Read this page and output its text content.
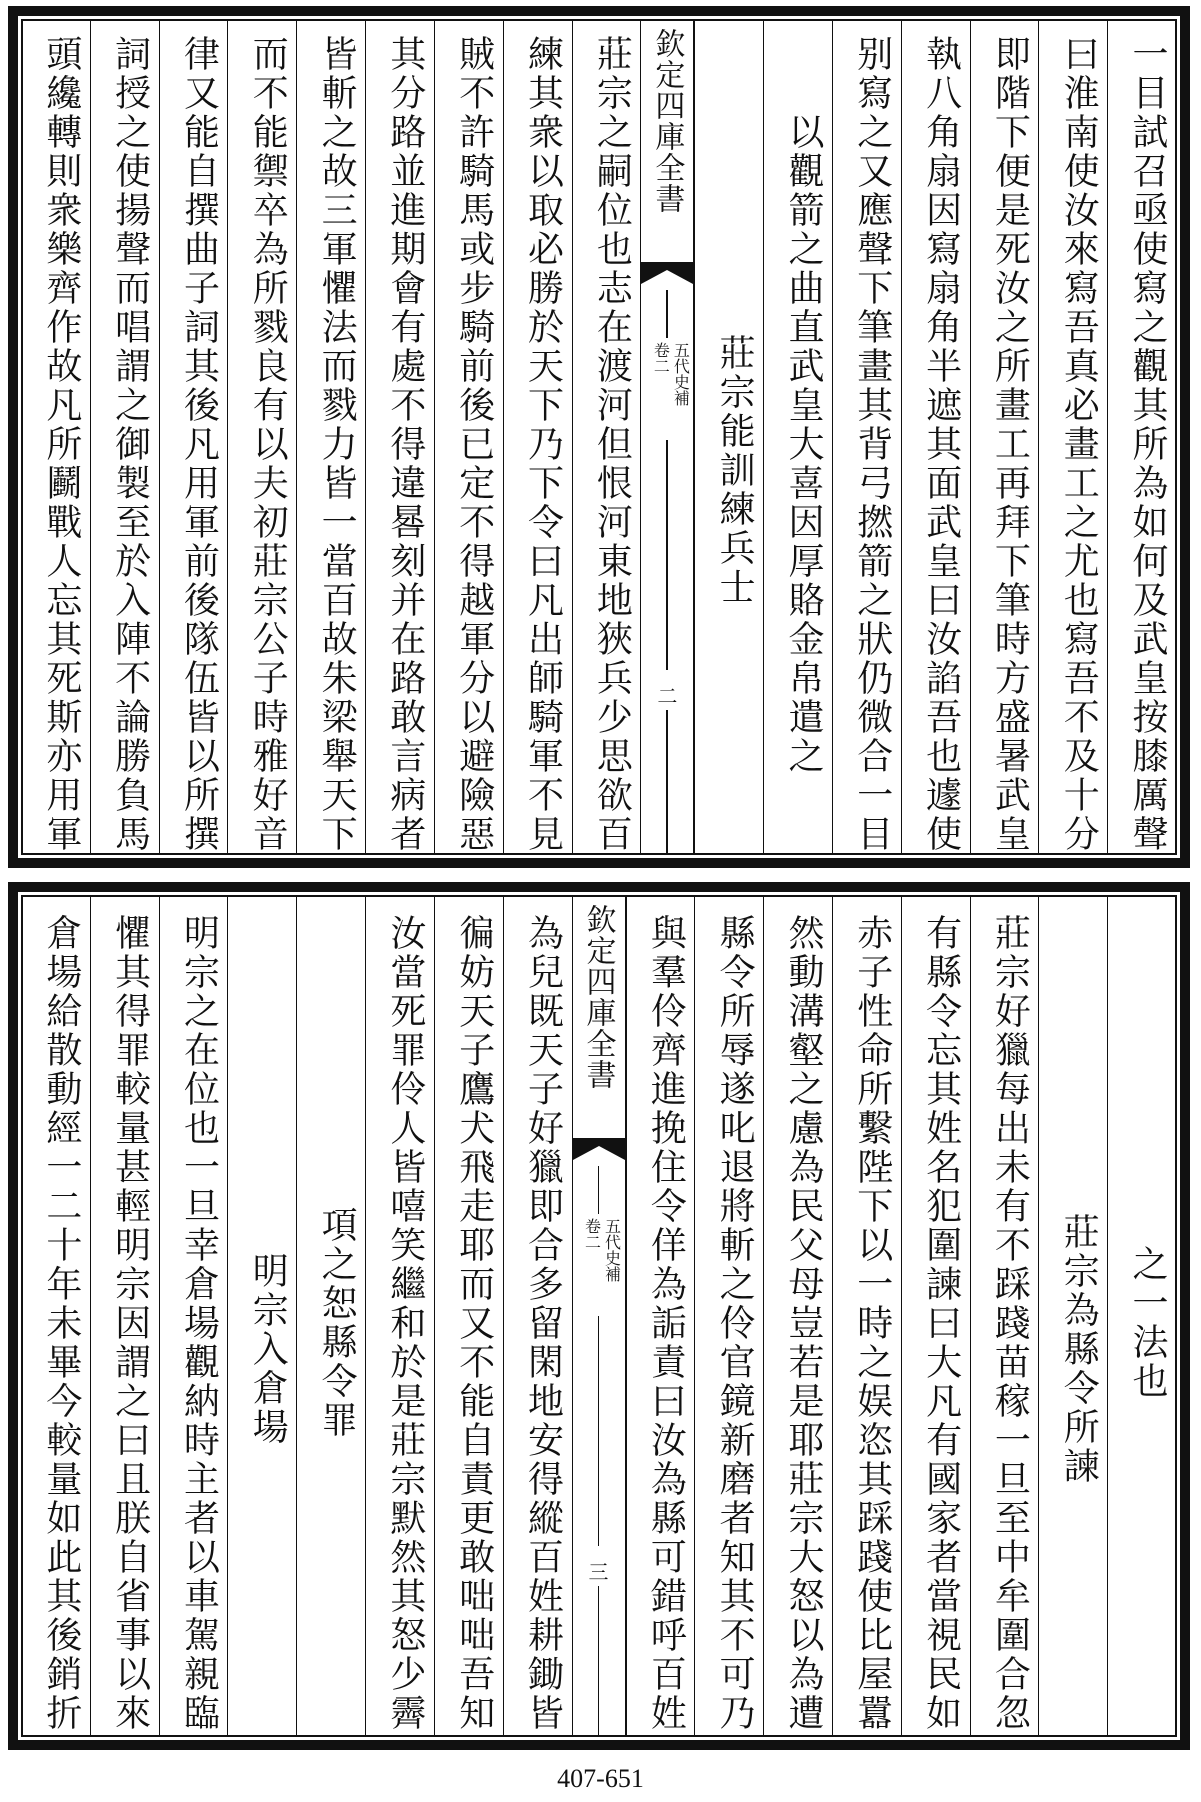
一目試召亟使寫之觀其所為如何及武皇按膝厲聲
曰淮南使汝來寫吾真必畫工之尤也寫吾不及十分
即階下便是死汝之所畫工再拜下筆時方盛暑武皇
執八角扇因寫扇角半遮其面武皇曰汝諂吾也遽使
别寫之又應聲下筆畫其背弓撚箭之狀仍微合一目
以觀箭之曲直武皇大喜因厚賂金帛遣之
莊宗能訓練兵士
欽定四庫全書
五代史補
卷二
二
莊宗之嗣位也志在渡河但恨河東地狹兵少思欲百
練其衆以取必勝於天下乃下令曰凡出師騎軍不見
賊不許騎馬或步騎前後已定不得越軍分以避險惡
其分路並進期會有處不得違晷刻并在路敢言病者
皆斬之故三軍懼法而戮力皆一當百故朱梁舉天下
而不能禦卒為所戮良有以夫初莊宗公子時雅好音
律又能自撰曲子詞其後凡用軍前後隊伍皆以所撰
詞授之使揚聲而唱謂之御製至於入陣不論勝負馬
頭纔轉則衆樂齊作故凡所鬬戰人忘其死斯亦用軍
之一法也
莊宗為縣令所諫
莊宗好獵每出未有不踩踐苗稼一旦至中牟圍合忽
有縣令忘其姓名犯圍諫曰大凡有國家者當視民如
赤子性命所繫陛下以一時之娱恣其踩踐使比屋囂
然動溝壑之慮為民父母豈若是耶莊宗大怒以為遭
縣令所辱遂叱退將斬之伶官鏡新磨者知其不可乃
與羣伶齊進挽住令佯為詬責曰汝為縣可錯呼百姓
欽定四庫全書
五代史補
卷二
三
為兒既天子好獵即合多留閑地安得縱百姓耕鋤皆
徧妨天子鷹犬飛走耶而又不能自責更敢咄咄吾知
汝當死罪伶人皆嘻笑繼和於是莊宗默然其怒少霽
項之恕縣令罪
明宗入倉場
明宗之在位也一旦幸倉場觀納時主者以車駕親臨
懼其得罪較量甚輕明宗因謂之曰且朕自省事以來
倉場給散動經一二十年未畢今較量如此其後銷折
407-651
